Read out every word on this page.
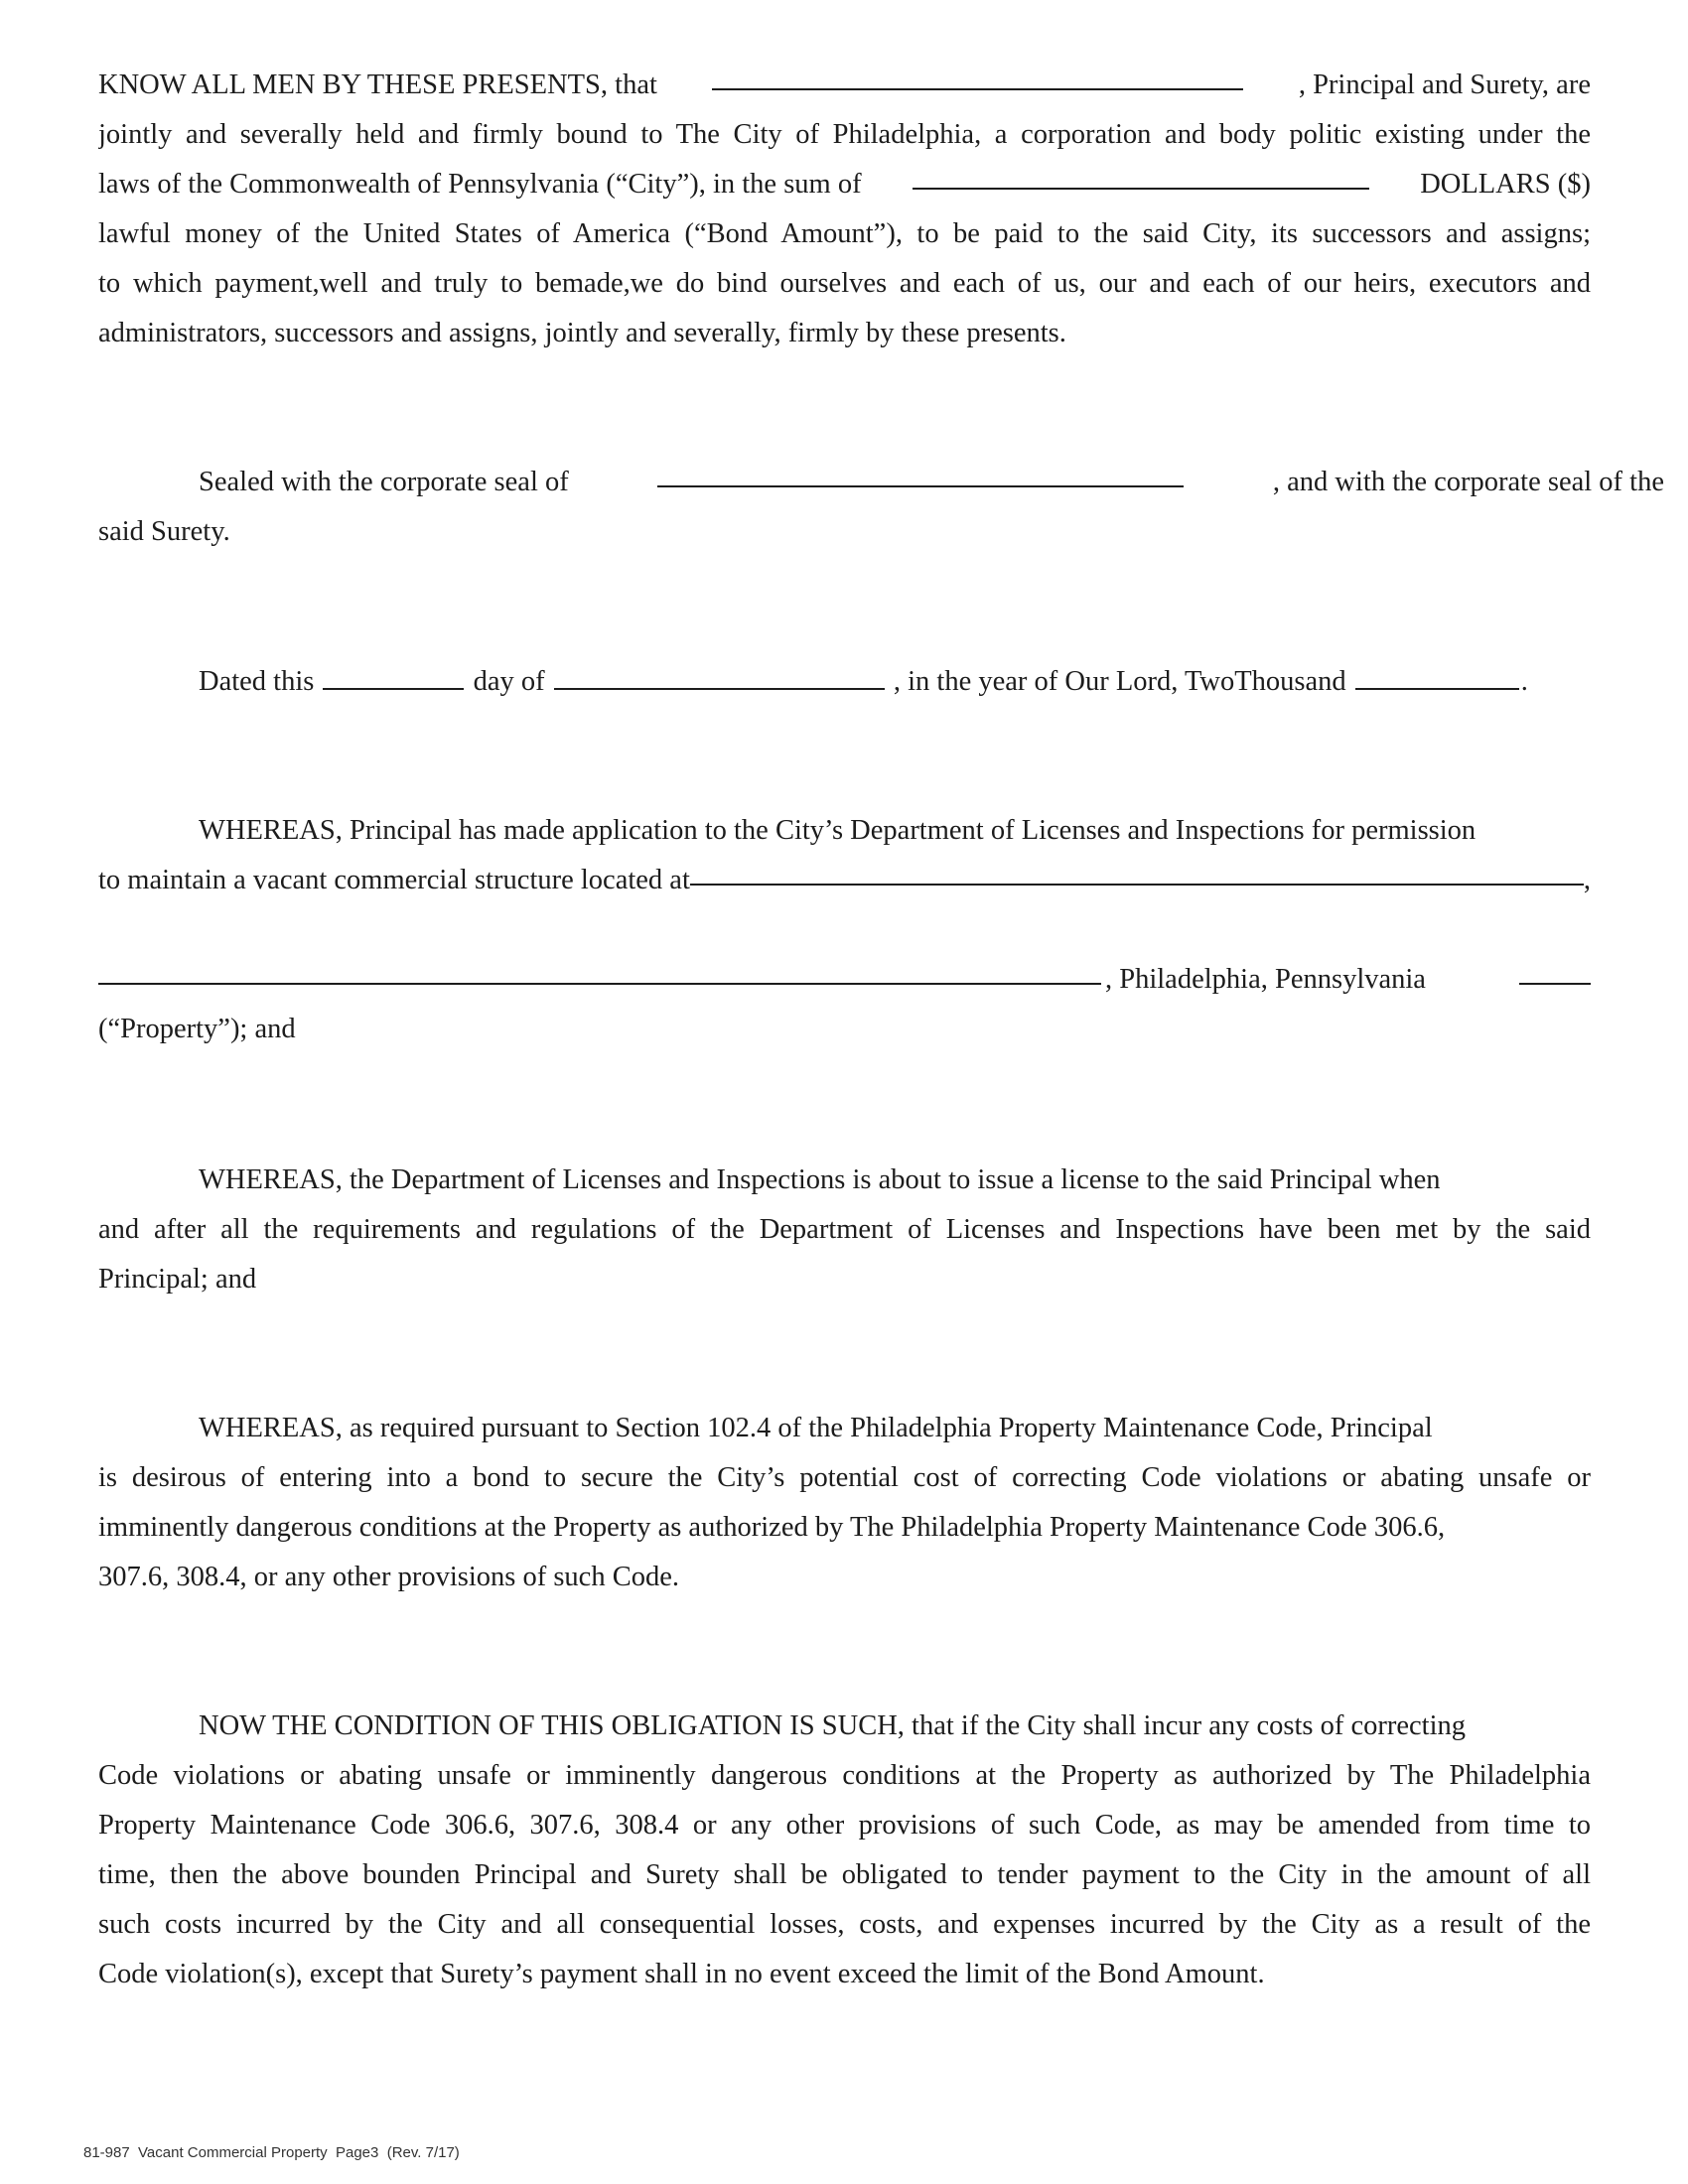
KNOW ALL MEN BY THESE PRESENTS, that	, Principal and Surety, are
jointly and severally held and firmly bound to The City of Philadelphia, a corporation and body politic existing under the
laws of the Commonwealth of Pennsylvania (“City”), in the sum of	DOLLARS ($)
lawful money of the United States of America (“Bond Amount”), to be paid to the said City, its successors and assigns;
to which payment,well and truly to bemade,we do bind ourselves and each of us, our and each of our heirs, executors and
administrators, successors and assigns, jointly and severally, firmly by these presents.
Sealed with the corporate seal of	, and with the corporate seal of the
said Surety.
Dated this	day of	, in the year of Our Lord, TwoThousand	.
WHEREAS, Principal has made application to the City’s Department of Licenses and Inspections for permission
to maintain a vacant commercial structure located at	,
, Philadelphia, Pennsylvania
(“Property”); and
WHEREAS, the Department of Licenses and Inspections is about to issue a license to the said Principal when
and after all the requirements and regulations of the Department of Licenses and Inspections have been met by the said
Principal; and
WHEREAS, as required pursuant to Section 102.4 of the Philadelphia Property Maintenance Code, Principal
is desirous of entering into a bond to secure the City’s potential cost of correcting Code violations or abating unsafe or
imminently dangerous conditions at the Property as authorized by The Philadelphia Property Maintenance Code 306.6,
307.6, 308.4, or any other provisions of such Code.
NOW THE CONDITION OF THIS OBLIGATION IS SUCH, that if the City shall incur any costs of correcting
Code violations or abating unsafe or imminently dangerous conditions at the Property as authorized by The Philadelphia
Property Maintenance Code 306.6, 307.6, 308.4 or any other provisions of such Code, as may be amended from time to
time, then the above bounden Principal and Surety shall be obligated to tender payment to the City in the amount of all
such costs incurred by the City and all consequential losses, costs, and expenses incurred by the City as a result of the
Code violation(s), except that Surety’s payment shall in no event exceed the limit of the Bond Amount.
81-987  Vacant Commercial Property  Page3  (Rev. 7/17)
